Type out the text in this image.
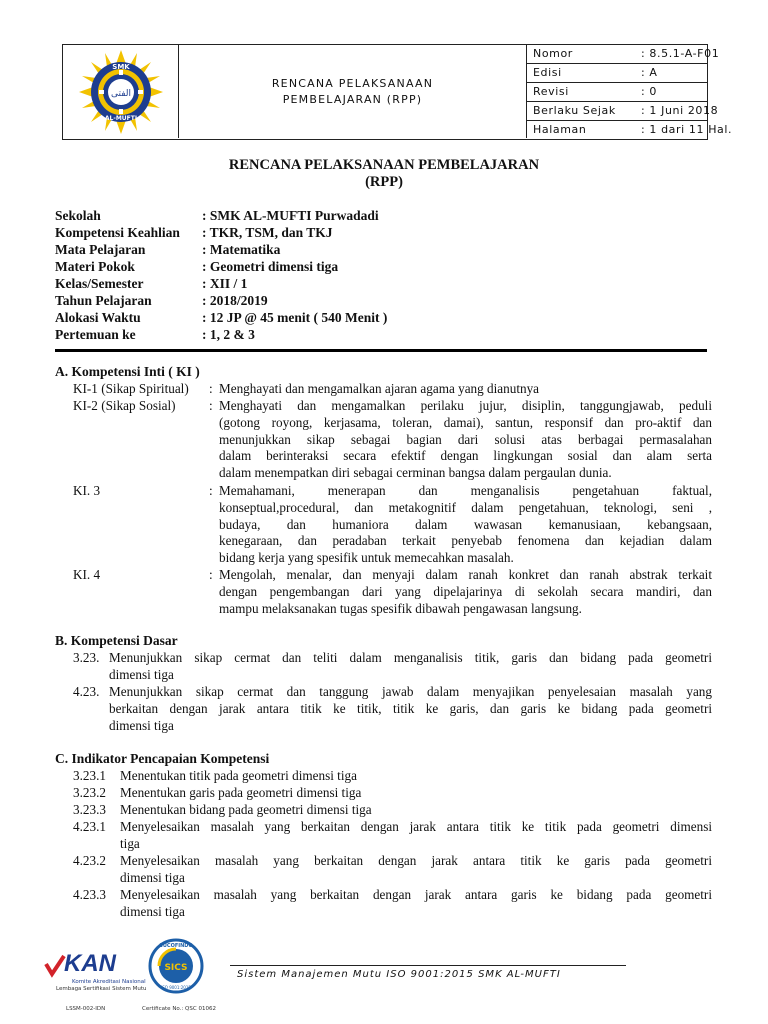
SMK
AL-MUFTI
الفتى
RENCANA PELAKSANAAN
PEMBELAJARAN (RPP)
Nomor	: 8.5.1-A-F01
Edisi	: A
Revisi	: 0
Berlaku Sejak : 1 Juni 2018
Halaman	: 1 dari 11 Hal.
RENCANA PELAKSANAAN PEMBELAJARAN
(RPP)
Sekolah	: SMK AL-MUFTI Purwadadi
Kompetensi Keahlian : TKR, TSM, dan TKJ
Mata Pelajaran	: Matematika
Materi Pokok	: Geometri dimensi tiga
Kelas/Semester	: XII / 1
Tahun Pelajaran	: 2018/2019
Alokasi Waktu	: 12 JP @ 45 menit ( 540 Menit )
Pertemuan ke	: 1, 2 & 3
A. Kompetensi Inti ( KI )
KI-1 (Sikap Spiritual) : Menghayati dan mengamalkan ajaran agama yang dianutnya
KI-2 (Sikap Sosial)	: Menghayati dan mengamalkan perilaku jujur, disiplin, tanggungjawab, peduli
(gotong royong, kerjasama, toleran, damai), santun, responsif dan pro-aktif dan
menunjukkan sikap sebagai bagian dari solusi atas berbagai permasalahan
dalam berinteraksi secara efektif dengan lingkungan sosial dan alam serta
dalam menempatkan diri sebagai cerminan bangsa dalam pergaulan dunia.
KI. 3	: Memahamani, menerapan dan menganalisis pengetahuan faktual,
konseptual,procedural, dan metakognitif dalam pengetahuan, teknologi, seni ,
budaya, dan humaniora dalam wawasan kemanusiaan, kebangsaan,
kenegaraan, dan peradaban terkait penyebab fenomena dan kejadian dalam
bidang kerja yang spesifik untuk memecahkan masalah.
KI. 4	: Mengolah, menalar, dan menyaji dalam ranah konkret dan ranah abstrak terkait
dengan pengembangan dari yang dipelajarinya di sekolah secara mandiri, dan
mampu melaksanakan tugas spesifik dibawah pengawasan langsung.
B. Kompetensi Dasar
3.23. Menunjukkan sikap cermat dan teliti dalam menganalisis titik, garis dan bidang pada geometri
dimensi tiga
4.23. Menunjukkan sikap cermat dan tanggung jawab dalam menyajikan penyelesaian masalah yang
berkaitan dengan jarak antara titik ke titik, titik ke garis, dan garis ke bidang pada geometri
dimensi tiga
C. Indikator Pencapaian Kompetensi
3.23.1 Menentukan titik pada geometri dimensi tiga
3.23.2 Menentukan garis pada geometri dimensi tiga
3.23.3 Menentukan bidang pada geometri dimensi tiga
4.23.1 Menyelesaikan masalah yang berkaitan dengan jarak antara titik ke titik pada geometri dimensi
tiga
4.23.2 Menyelesaikan masalah yang berkaitan dengan jarak antara titik ke garis pada geometri
dimensi tiga
4.23.3 Menyelesaikan masalah yang berkaitan dengan jarak antara garis ke bidang pada geometri
dimensi tiga
KAN
Komite Akreditasi Nasional
Lembaga Sertifikasi Sistem Mutu
LSSM-002-IDN
SUCOFINDO
SICS
ISO 9001:2015
Certificate No.: QSC 01062
Sistem Manajemen Mutu ISO 9001:2015 SMK AL-MUFTI
